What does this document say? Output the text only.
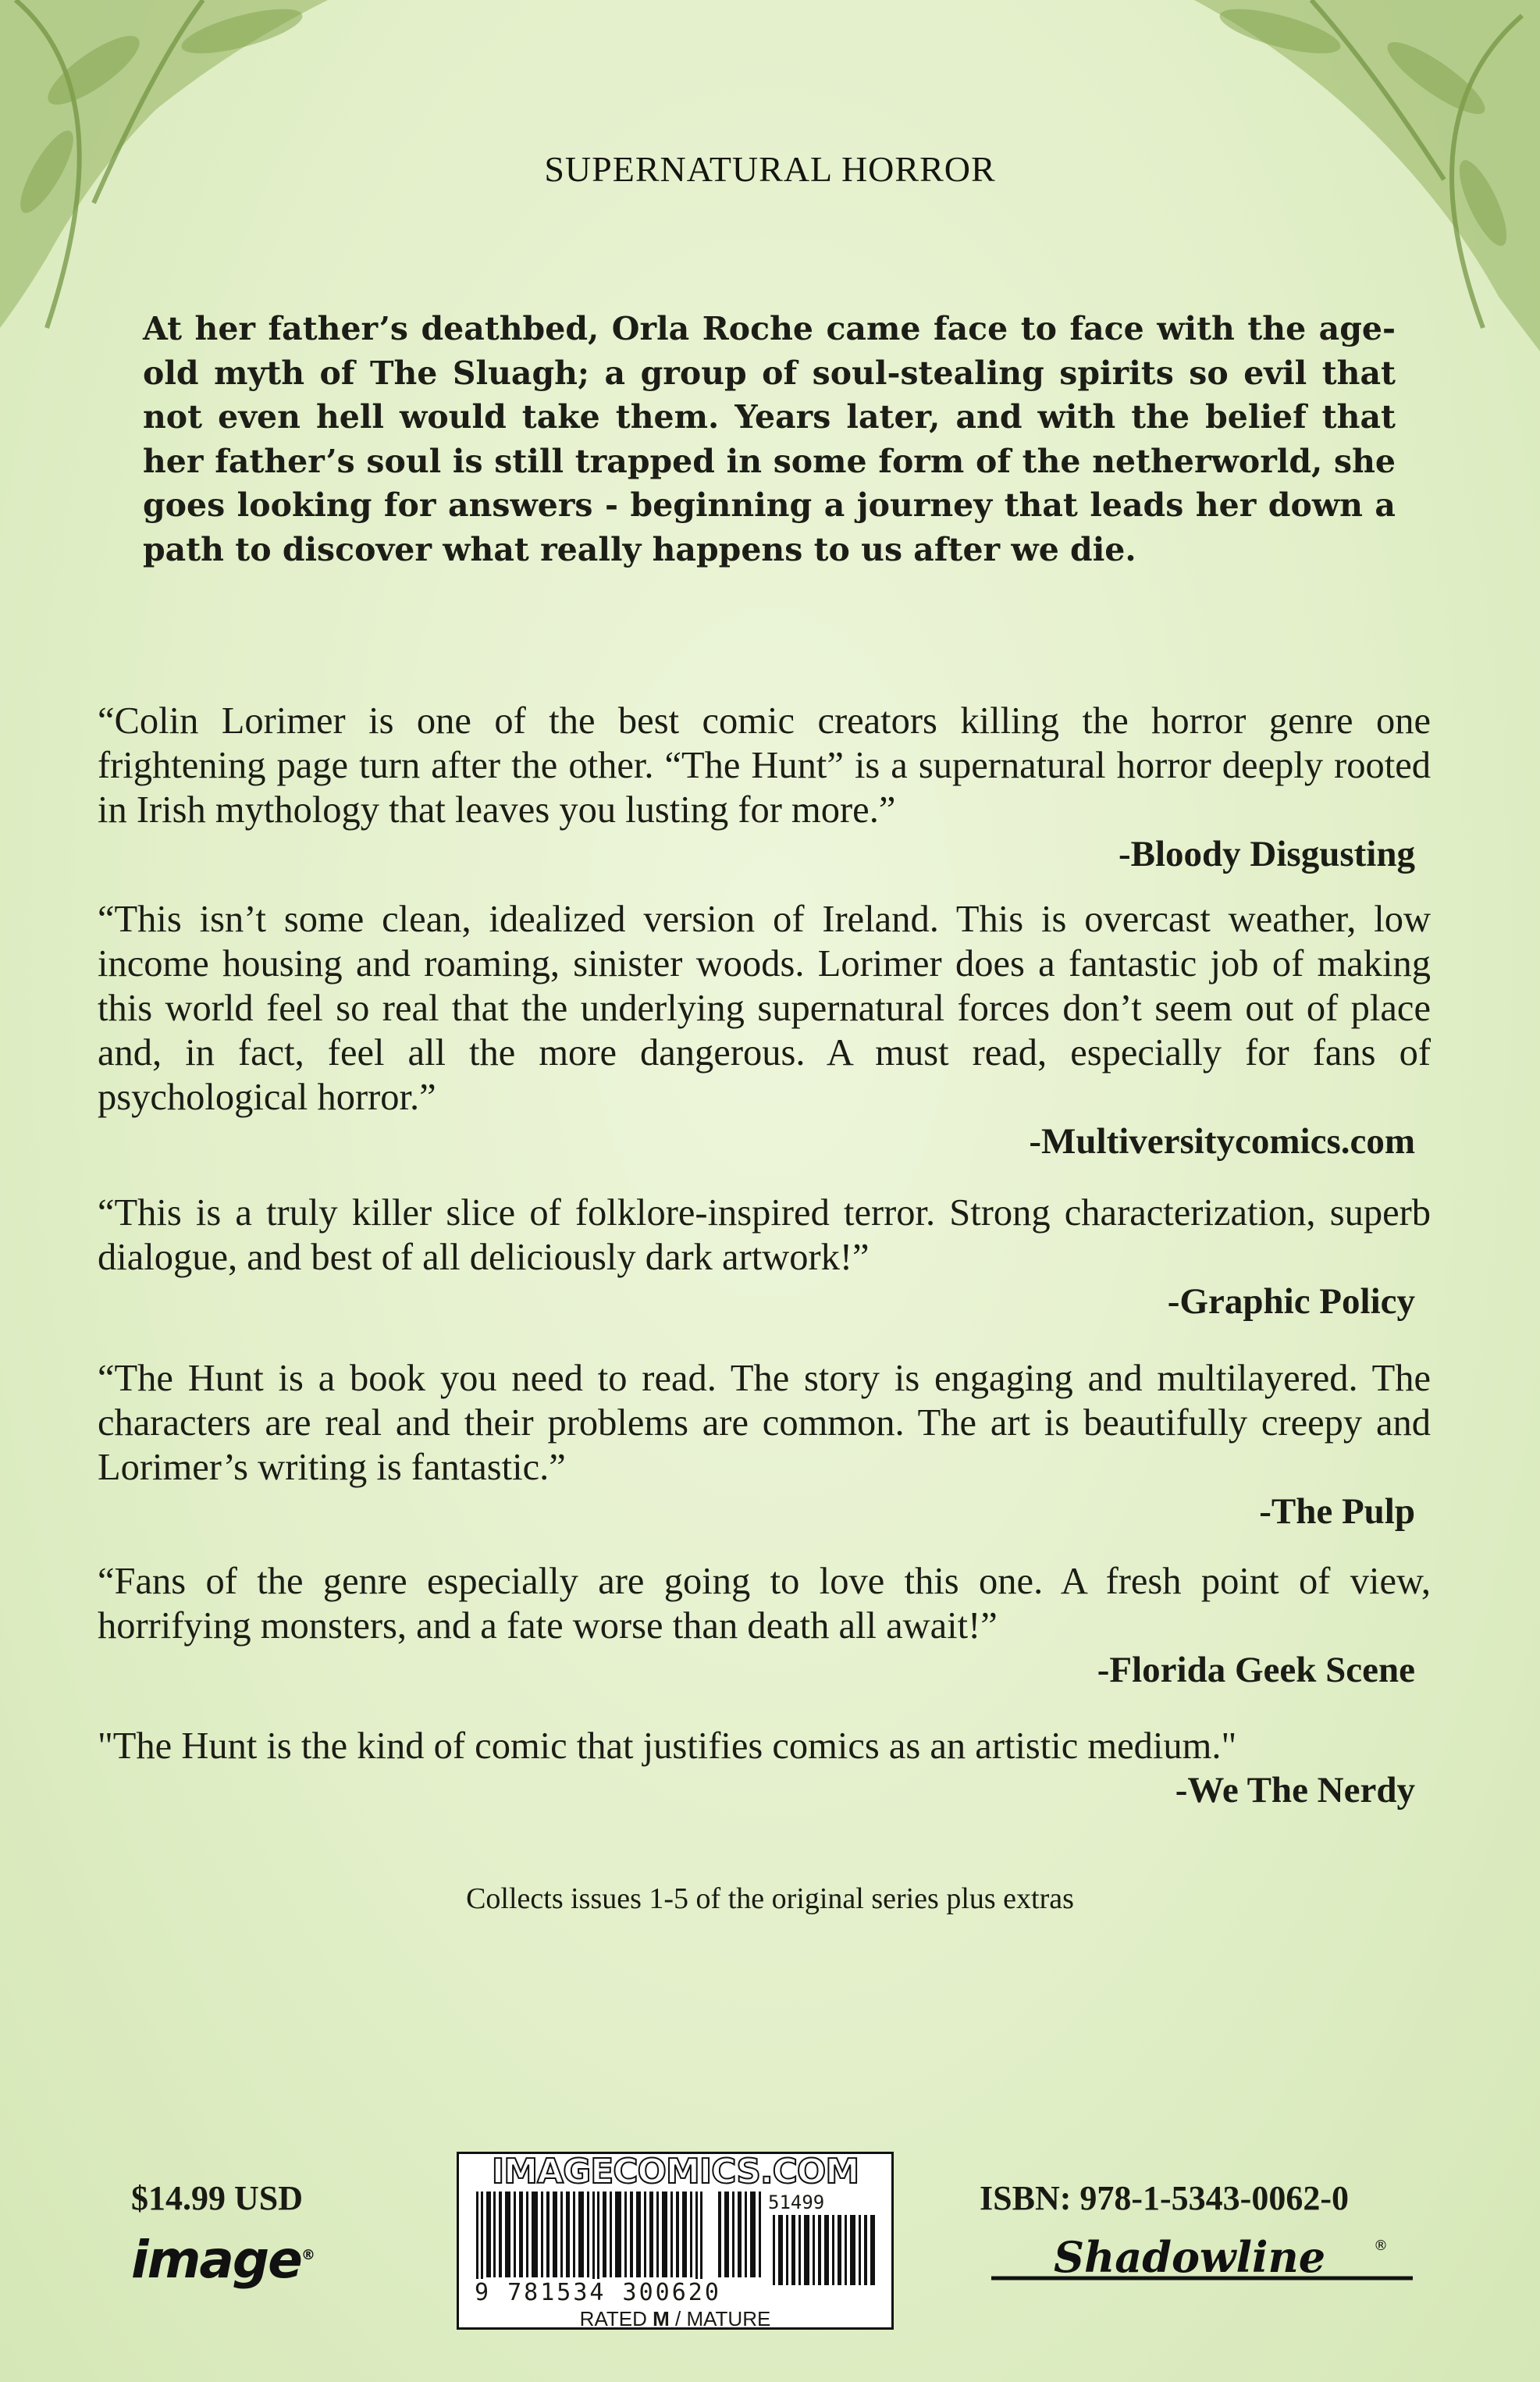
SUPERNATURAL HORROR
At her father’s deathbed, Orla Roche came face to face with the age-old myth of The Sluagh; a group of soul-stealing spirits so evil that not even hell would take them. Years later, and with the belief that her father’s soul is still trapped in some form of the netherworld, she goes looking for answers - beginning a journey that leads her down a path to discover what really happens to us after we die.
“Colin Lorimer is one of the best comic creators killing the horror genre one frightening page turn after the other. “The Hunt” is a supernatural horror deeply rooted in Irish mythology that leaves you lusting for more.”
-Bloody Disgusting
“This isn’t some clean, idealized version of Ireland. This is overcast weather, low income housing and roaming, sinister woods. Lorimer does a fantastic job of making this world feel so real that the underlying supernatural forces don’t seem out of place and, in fact, feel all the more dangerous. A must read, especially for fans of psychological horror.”
-Multiversitycomics.com
“This is a truly killer slice of folklore-inspired terror. Strong characterization, superb dialogue, and best of all deliciously dark artwork!”
-Graphic Policy
“The Hunt is a book you need to read. The story is engaging and multilayered. The characters are real and their problems are common. The art is beautifully creepy and Lorimer’s writing is fantastic.”
-The Pulp
“Fans of the genre especially are going to love this one. A fresh point of view, horrifying monsters, and a fate worse than death all await!”
-Florida Geek Scene
"The Hunt is the kind of comic that justifies comics as an artistic medium."
-We The Nerdy
Collects issues 1-5 of the original series plus extras
$14.99 USD
image®
IMAGECOMICS.COM
51499
9 781534 300620
RATED M / MATURE
ISBN: 978-1-5343-0062-0
Shadowline	®
